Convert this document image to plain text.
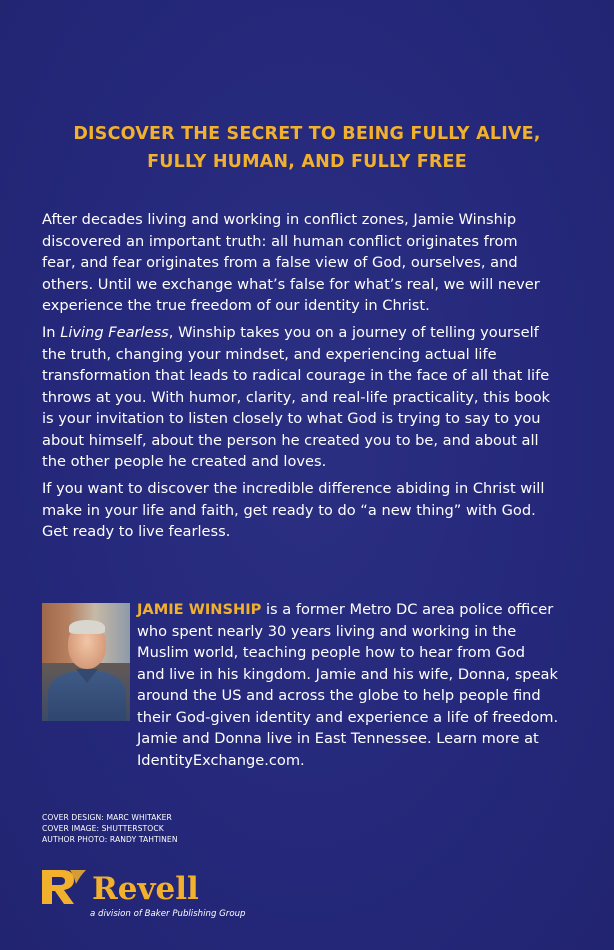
DISCOVER THE SECRET TO BEING FULLY ALIVE,
FULLY HUMAN, AND FULLY FREE
After decades living and working in conflict zones, Jamie Winship
discovered an important truth: all human conflict originates from
fear, and fear originates from a false view of God, ourselves, and
others. Until we exchange what’s false for what’s real, we will never
experience the true freedom of our identity in Christ.
In Living Fearless, Winship takes you on a journey of telling yourself
the truth, changing your mindset, and experiencing actual life
transformation that leads to radical courage in the face of all that life
throws at you. With humor, clarity, and real-life practicality, this book
is your invitation to listen closely to what God is trying to say to you
about himself, about the person he created you to be, and about all
the other people he created and loves.
If you want to discover the incredible difference abiding in Christ will
make in your life and faith, get ready to do “a new thing” with God.
Get ready to live fearless.
JAMIE WINSHIP is a former Metro DC area police officer
who spent nearly 30 years living and working in the
Muslim world, teaching people how to hear from God
and live in his kingdom. Jamie and his wife, Donna, speak
around the US and across the globe to help people find
their God-given identity and experience a life of freedom.
Jamie and Donna live in East Tennessee. Learn more at
IdentityExchange.com.
COVER DESIGN: MARC WHITAKER
COVER IMAGE: SHUTTERSTOCK
AUTHOR PHOTO: RANDY TAHTINEN
Revell
a division of Baker Publishing Group
